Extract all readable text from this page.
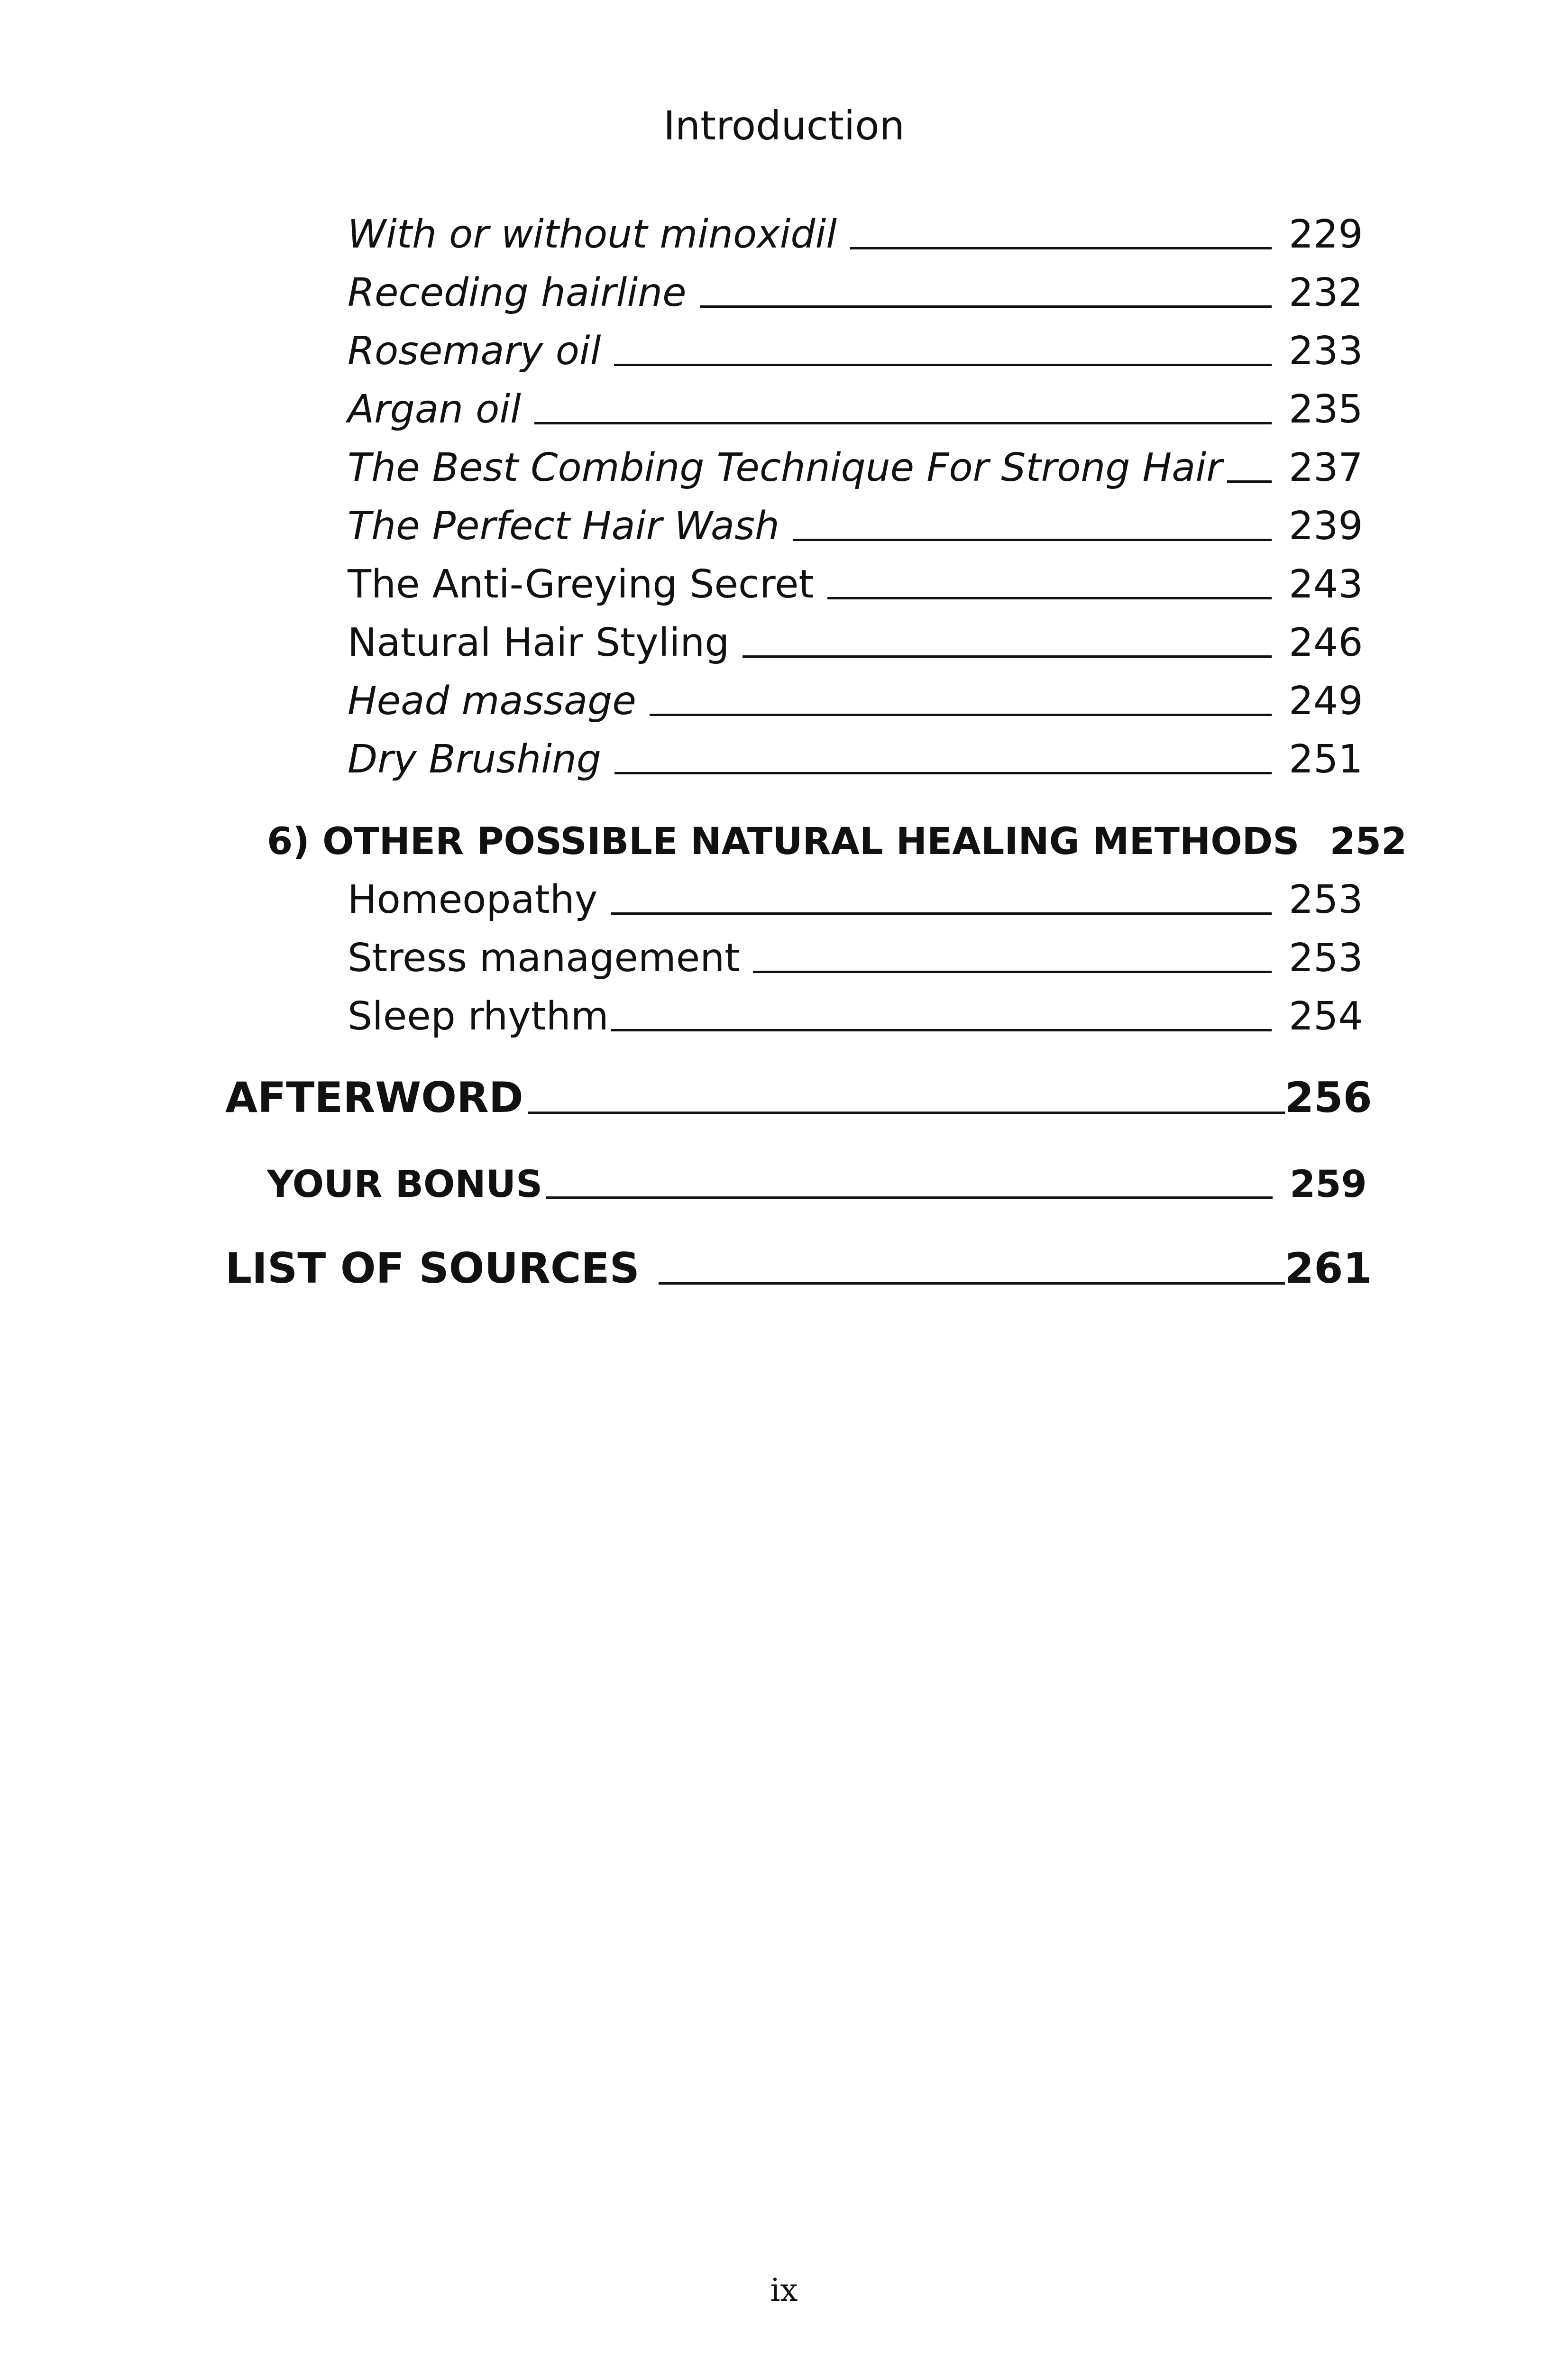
Introduction
With or without minoxidil	229
Receding hairline	232
Rosemary oil	233
Argan oil	235
The Best Combing Technique For Strong Hair 237
The Perfect Hair Wash	239
The Anti-Greying Secret	243
Natural Hair Styling	246
Head massage	249
Dry Brushing	251
6) OTHER POSSIBLE NATURAL HEALING METHODS 252
Homeopathy	253
Stress management	253
Sleep rhythm	254
AFTERWORD	256
YOUR BONUS	259
LIST OF SOURCES	261
ix
